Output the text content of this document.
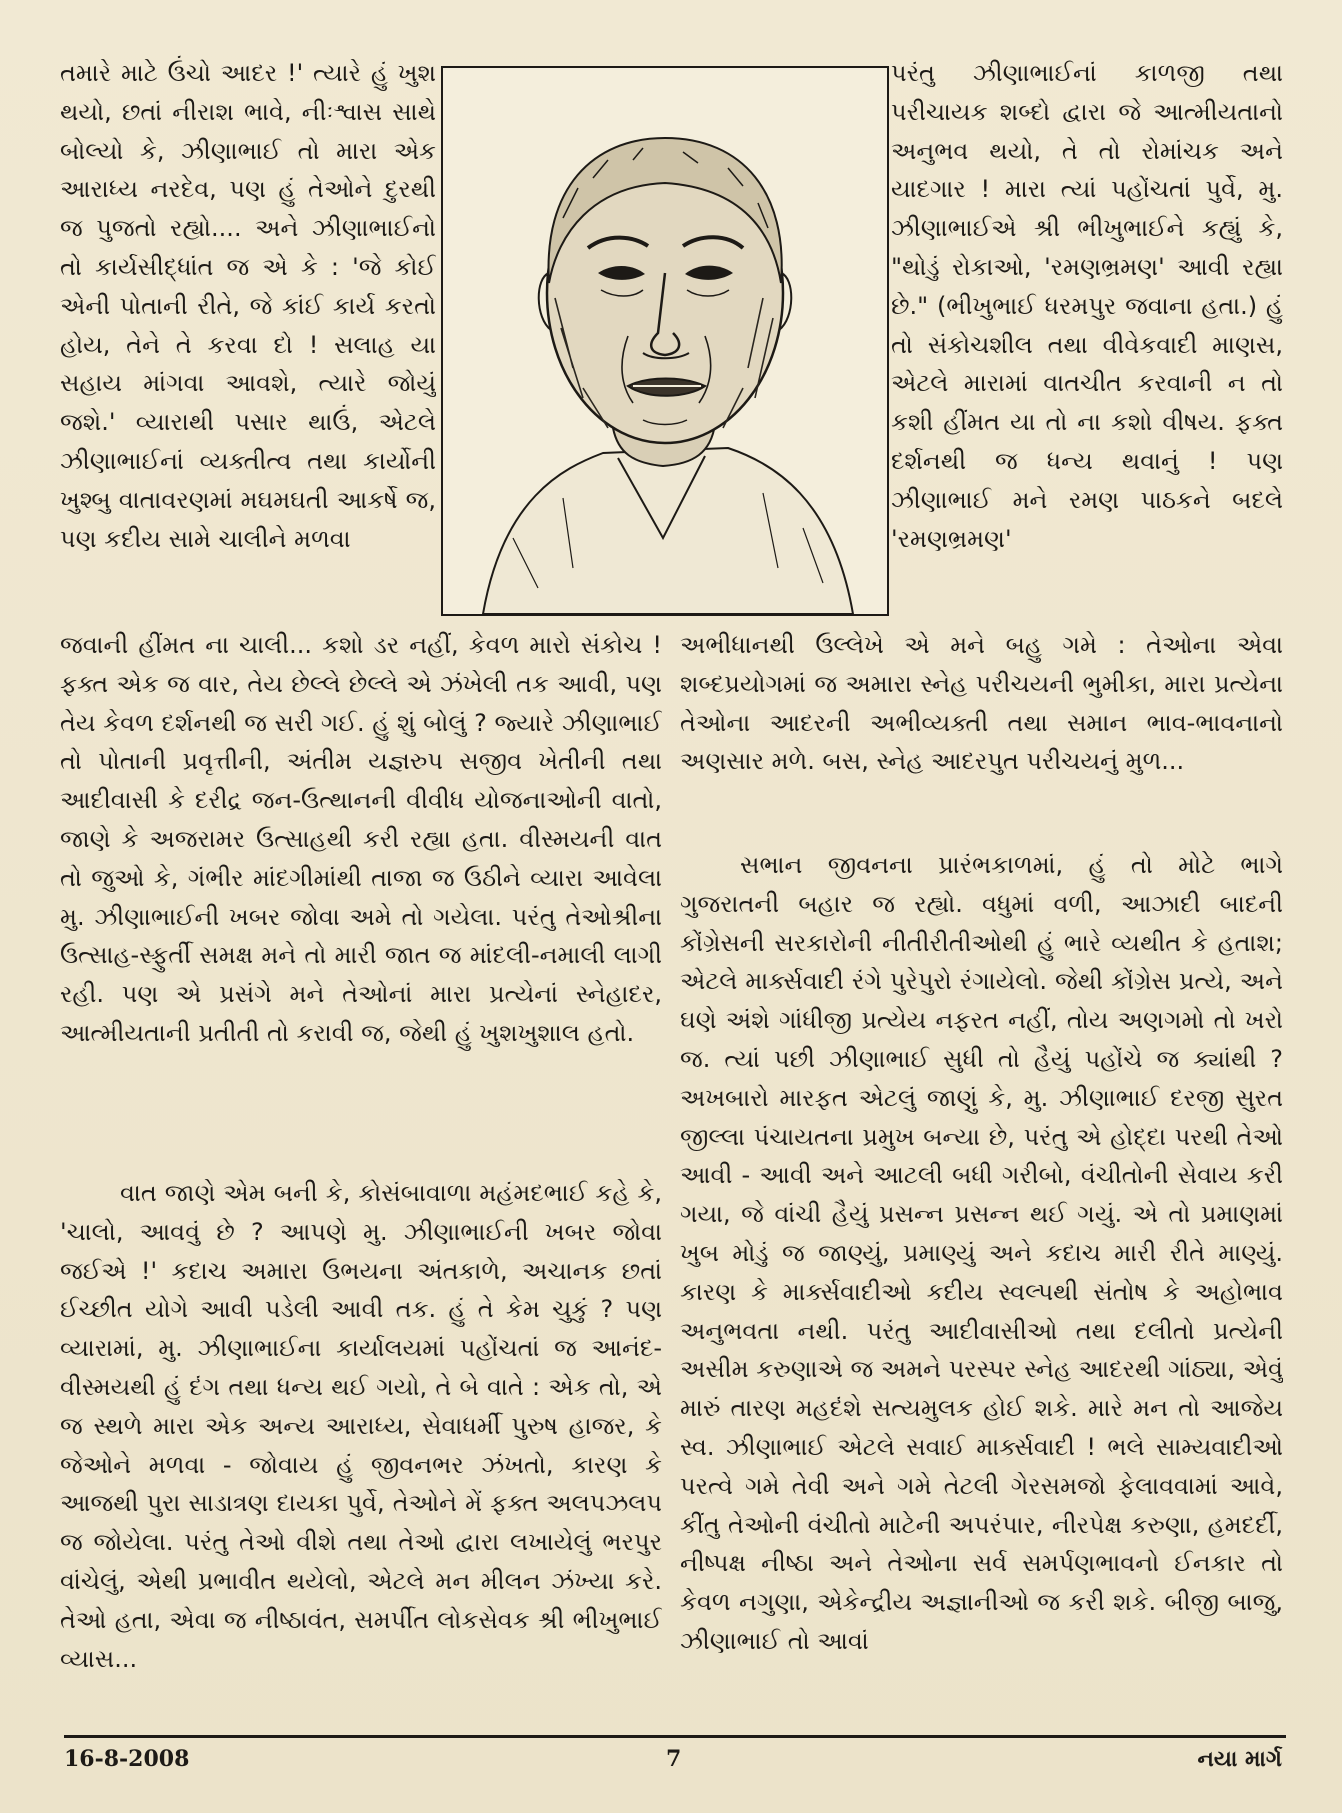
તમારે માટે ઉંચો આદર !' ત્યારે હું ખુશ થયો, છતાં નીરાશ ભાવે, નીઃશ્વાસ સાથે બોલ્યો કે, ઝીણાભાઈ તો મારા એક આરાધ્ય નરદેવ, પણ હું તેઓને દુરથી જ પુજતો રહ્યો.... અને ઝીણાભાઈનો તો કાર્યસીદ્ધાંત જ એ કે : 'જે કોઈ એની પોતાની રીતે, જે કાંઈ કાર્ય કરતો હોય, તેને તે કરવા દો ! સલાહ યા સહાય માંગવા આવશે, ત્યારે જોયું જશે.' વ્યારાથી પસાર થાઉં, એટલે ઝીણાભાઈનાં વ્યક્તીત્વ તથા કાર્યોની ખુશ્બુ વાતાવરણમાં મઘમઘતી આકર્ષે જ, પણ કદીય સામે ચાલીને મળવા

જવાની હીંમત ના ચાલી... કશો ડર નહીં, કેવળ મારો સંકોચ ! ફક્ત એક જ વાર, તેય છેલ્લે છેલ્લે એ ઝંખેલી તક આવી, પણ તેય કેવળ દર્શનથી જ સરી ગઈ. હું શું બોલું ? જ્યારે ઝીણાભાઈ તો પોતાની પ્રવૃત્તીની, અંતીમ યજ્ઞરુપ સજીવ ખેતીની તથા આદીવાસી કે દરીદ્ર જન-ઉત્થાનની વીવીધ યોજનાઓની વાતો, જાણે કે અજરામર ઉત્સાહથી કરી રહ્યા હતા. વીસ્મયની વાત તો જુઓ કે, ગંભીર માંદગીમાંથી તાજા જ ઉઠીને વ્યારા આવેલા મુ. ઝીણાભાઈની ખબર જોવા અમે તો ગયેલા. પરંતુ તેઓશ્રીના ઉત્સાહ-સ્ફુર્તી સમક્ષ મને તો મારી જાત જ માંદલી-નમાલી લાગી રહી. પણ એ પ્રસંગે મને તેઓનાં મારા પ્રત્યેનાં સ્નેહાદર, આત્મીયતાની પ્રતીતી તો કરાવી જ, જેથી હું ખુશખુશાલ હતો.

વાત જાણે એમ બની કે, કોસંબાવાળા મહંમદભાઈ કહે કે, 'ચાલો, આવવું છે ? આપણે મુ. ઝીણાભાઈની ખબર જોવા જઈએ !' કદાચ અમારા ઉભયના અંતકાળે, અચાનક છતાં ઈચ્છીત યોગે આવી પડેલી આવી તક. હું તે કેમ ચુકું ? પણ વ્યારામાં, મુ. ઝીણાભાઈના કાર્યાલયમાં પહોંચતાં જ આનંદ-વીસ્મયથી હું દંગ તથા ધન્ય થઈ ગયો, તે બે વાતે : એક તો, એ જ સ્થળે મારા એક અન્ય આરાધ્ય, સેવાધર્મી પુરુષ હાજર, કે જેઓને મળવા - જોવાય હું જીવનભર ઝંખતો, કારણ કે આજથી પુરા સાડાત્રણ દાયકા પુર્વે, તેઓને મેં ફક્ત અલપઝલપ જ જોયેલા. પરંતુ તેઓ વીશે તથા તેઓ દ્વારા લખાયેલું ભરપુર વાંચેલું, એથી પ્રભાવીત થયેલો, એટલે મન મીલન ઝંખ્યા કરે. તેઓ હતા, એવા જ નીષ્ઠાવંત, સમર્પીત લોકસેવક શ્રી ભીખુભાઈ વ્યાસ...

પરંતુ ઝીણાભાઈનાં કાળજી તથા પરીચાયક શબ્દો દ્વારા જે આત્મીયતાનો અનુભવ થયો, તે તો રોમાંચક અને યાદગાર ! મારા ત્યાં પહોંચતાં પુર્વે, મુ. ઝીણાભાઈએ શ્રી ભીખુભાઈને કહ્યું કે, "થોડું રોકાઓ, 'રમણભ્રમણ' આવી રહ્યા છે." (ભીખુભાઈ ધરમપુર જવાના હતા.) હું તો સંકોચશીલ તથા વીવેકવાદી માણસ, એટલે મારામાં વાતચીત કરવાની ન તો કશી હીંમત યા તો ના કશો વીષય. ફક્ત દર્શનથી જ ધન્ય થવાનું ! પણ ઝીણાભાઈ મને રમણ પાઠકને બદલે 'રમણભ્રમણ'

અભીધાનથી ઉલ્લેખે એ મને બહુ ગમે : તેઓના એવા શબ્દપ્રયોગમાં જ અમારા સ્નેહ પરીચયની ભુમીકા, મારા પ્રત્યેના તેઓના આદરની અભીવ્યક્તી તથા સમાન ભાવ-ભાવનાનો અણસાર મળે. બસ, સ્નેહ આદરપુત પરીચયનું મુળ...

સભાન જીવનના પ્રારંભકાળમાં, હું તો મોટે ભાગે ગુજરાતની બહાર જ રહ્યો. વધુમાં વળી, આઝાદી બાદની કોંગ્રેસની સરકારોની નીતીરીતીઓથી હું ભારે વ્યથીત કે હતાશ; એટલે માર્ક્સવાદી રંગે પુરેપુરો રંગાયેલો. જેથી કોંગ્રેસ પ્રત્યે, અને ઘણે અંશે ગાંધીજી પ્રત્યેય નફરત નહીં, તોય અણગમો તો ખરો જ. ત્યાં પછી ઝીણાભાઈ સુધી તો હૈયું પહોંચે જ ક્યાંથી ? અખબારો મારફત એટલું જાણું કે, મુ. ઝીણાભાઈ દરજી સુરત જીલ્લા પંચાયતના પ્રમુખ બન્યા છે, પરંતુ એ હોદ્દા પરથી તેઓ આવી - આવી અને આટલી બધી ગરીબો, વંચીતોની સેવાય કરી ગયા, જે વાંચી હૈયું પ્રસન્ન પ્રસન્ન થઈ ગયું. એ તો પ્રમાણમાં ખુબ મોડું જ જાણ્યું, પ્રમાણ્યું અને કદાચ મારી રીતે માણ્યું. કારણ કે માર્ક્સવાદીઓ કદીય સ્વલ્પથી સંતોષ કે અહોભાવ અનુભવતા નથી. પરંતુ આદીવાસીઓ તથા દલીતો પ્રત્યેની અસીમ કરુણાએ જ અમને પરસ્પર સ્નેહ આદરથી ગાંઠ્યા, એવું મારું તારણ મહદંશે સત્યમુલક હોઈ શકે. મારે મન તો આજેય સ્વ. ઝીણાભાઈ એટલે સવાઈ માર્ક્સવાદી ! ભલે સામ્યવાદીઓ પરત્વે ગમે તેવી અને ગમે તેટલી ગેરસમજો ફેલાવવામાં આવે, કીંતુ તેઓની વંચીતો માટેની અપરંપાર, નીરપેક્ષ કરુણા, હમદર્દી, નીષ્પક્ષ નીષ્ઠા અને તેઓના સર્વ સમર્પણભાવનો ઈનકાર તો કેવળ નગુણા, એકેન્દ્રીય અજ્ઞાનીઓ જ કરી શકે. બીજી બાજુ, ઝીણાભાઈ તો આવાં

16-8-2008	7	નયા માર્ગ
